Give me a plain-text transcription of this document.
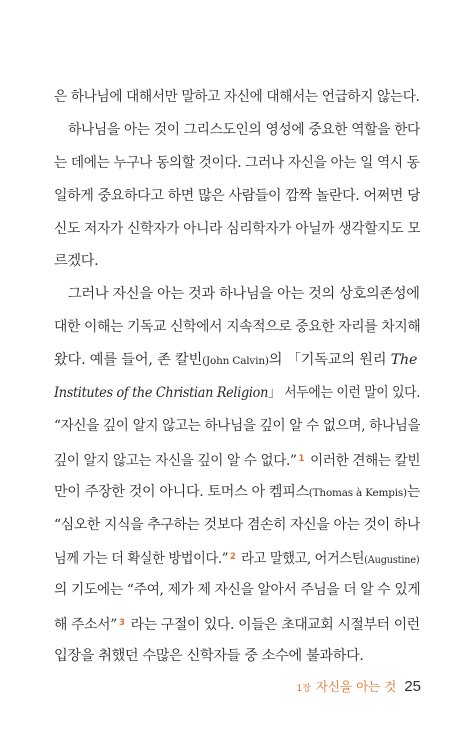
은 하나님에 대해서만 말하고 자신에 대해서는 언급하지 않는다.
하나님을 아는 것이 그리스도인의 영성에 중요한 역할을 한다
는 데에는 누구나 동의할 것이다. 그러나 자신을 아는 일 역시 동
일하게 중요하다고 하면 많은 사람들이 깜짝 놀란다. 어쩌면 당
신도 저자가 신학자가 아니라 심리학자가 아닐까 생각할지도 모
르겠다.
그러나 자신을 아는 것과 하나님을 아는 것의 상호의존성에
대한 이해는 기독교 신학에서 지속적으로 중요한 자리를 차지해
왔다. 예를 들어, 존 칼빈(John Calvin)의 「기독교의 원리 The
Institutes of the Christian Religion」 서두에는 이런 말이 있다.
“자신을 깊이 알지 않고는 하나님을 깊이 알 수 없으며, 하나님을
깊이 알지 않고는 자신을 깊이 알 수 없다.” $^1$ 이러한 견해는 칼빈
만이 주장한 것이 아니다. 토머스 아 켐피스(Thomas à Kempis)는
“심오한 지식을 추구하는 것보다 겸손히 자신을 아는 것이 하나
님께 가는 더 확실한 방법이다.” $^2$ 라고 말했고, 어거스틴(Augustine)
의 기도에는 “주여, 제가 제 자신을 알아서 주님을 더 알 수 있게
해 주소서” $^3$ 라는 구절이 있다. 이들은 초대교회 시절부터 이런
입장을 취했던 수많은 신학자들 중 소수에 불과하다.
1장 자신을 아는 것 25
